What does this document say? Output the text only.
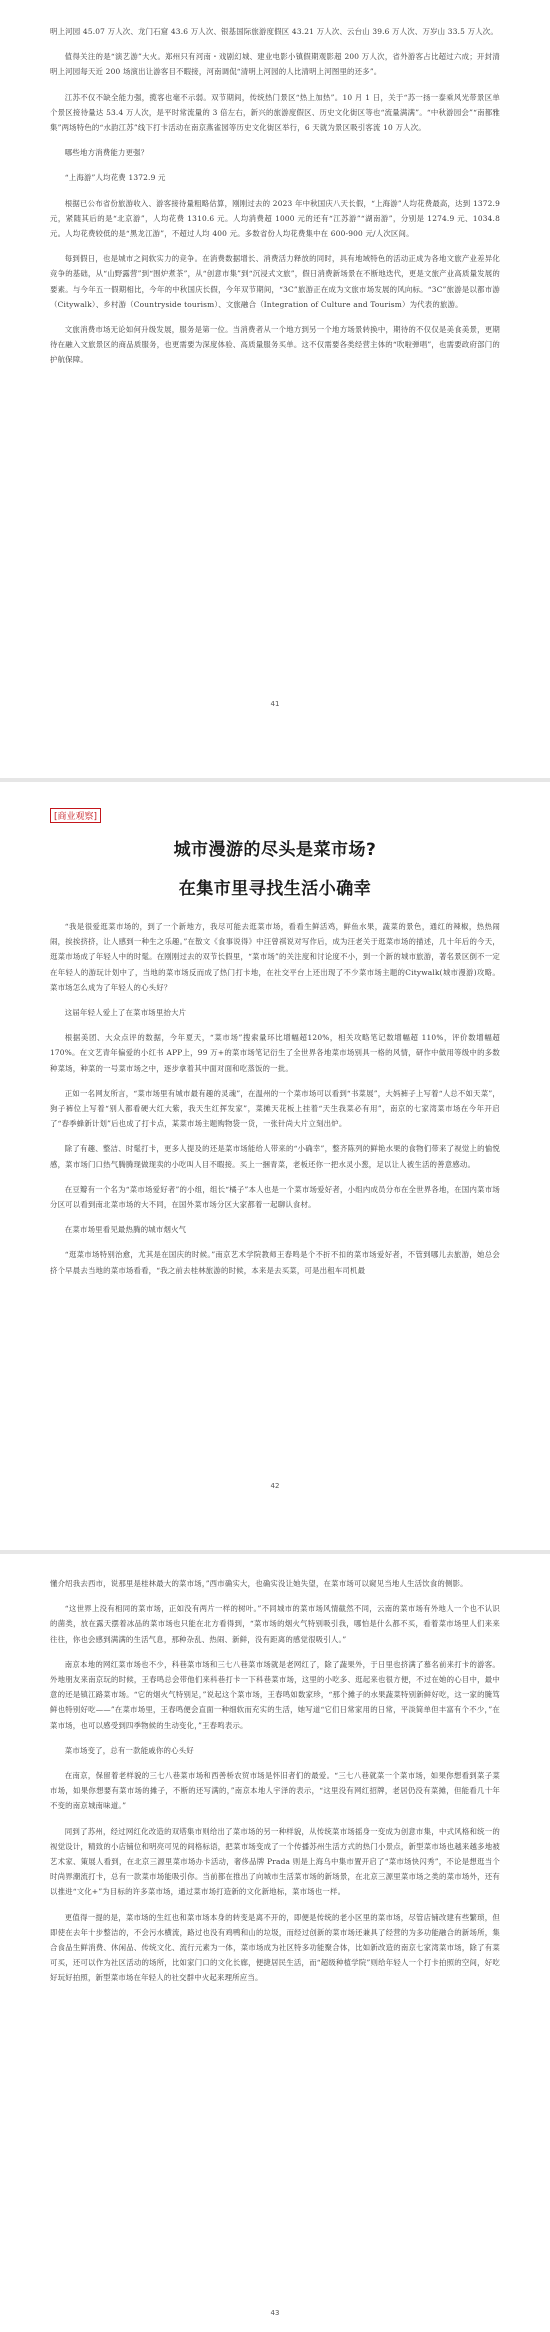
明上河园 45.07 万人次、龙门石窟 43.6 万人次、银基国际旅游度假区 43.21 万人次、云台山 39.6 万人次、万岁山 33.5 万人次。

值得关注的是“演艺游”大火。郑州只有河南・戏剧幻城、建业电影小镇假期观影超 200 万人次，省外游客占比超过六成；开封清明上河园每天近 200 场演出让游客目不暇接，河南调侃“清明上河园的人比清明上河图里的还多”。

江苏不仅不缺全能力强，揽客也毫不示弱。双节期间，传统热门景区“热上加热”。10 月 1 日，关于“苏一扬一泰乘风光带景区单个景区接待量达 53.4 万人次，是平时常流量的 3 倍左右，新兴的旅游度假区、历史文化街区等也“流量满满”。“中秋游园会”“南都雅集”两场特色的“水韵江苏”线下打卡活动在南京燕雀园等历史文化街区举行，6 天就为景区吸引客流 10 万人次。

哪些地方消费能力更强？

“上海游”人均花费 1372.9 元

根据已公布省份旅游收入、游客接待量粗略估算，刚刚过去的 2023 年中秋国庆八天长假，“上海游”人均花费最高，达到 1372.9 元，紧随其后的是“北京游”，人均花费 1310.6 元。人均消费超 1000 元的还有“江苏游”“湖南游”，分别是 1274.9 元、1034.8 元。人均花费较低的是“黑龙江游”，不超过人均 400 元。多数省份人均花费集中在 600-900 元/人次区间。

每到假日，也是城市之间软实力的竞争。在消费数据增长、消费活力释放的同时，具有地域特色的活动正成为各地文旅产业差异化竞争的基础，从“山野露营”到“围炉煮茶”，从“创意市集”到“沉浸式文旅”，假日消费新场景在不断地迭代，更是文旅产业高质量发展的要素。与今年五一假期相比，今年的中秋国庆长假，今年双节期间，“3C”旅游正在成为文旅市场发展的风向标。“3C”旅游是以都市游（Citywalk）、乡村游（Countryside tourism）、文旅融合（Integration of Culture and Tourism）为代表的旅游。

文旅消费市场无论如何升级发展，服务是第一位。当消费者从一个地方到另一个地方场景转换中，期待的不仅仅是美食美景，更期待在融入文旅景区的商品质服务，也更需要为深度体验、高质量服务买单。这不仅需要各类经营主体的“吹啦弹唱”，也需要政府部门的护航保障。

41
[商业观察]
城市漫游的尽头是菜市场?
在集市里寻找生活小确幸

“我是很爱逛菜市场的，到了一个新地方，我尽可能去逛菜市场，看看生鲜活鸡，鲜鱼水果，蔬菜的景色，通红的辣椒，热热闹闹，挨挨挤挤，让人感到一种生之乐趣。”在散文《食事说得》中汪曾祺说对写作后，成为汪老关于逛菜市场的描述，几十年后的今天，逛菜市场成了年轻人中的时髦。在刚刚过去的双节长假里，“菜市场”的关注度和讨论度不小，到一个新的城市旅游，著名景区倒不一定在年轻人的游玩计划中了，当地的菜市场反而成了热门打卡地，在社交平台上还出现了不少菜市场主题的Citywalk(城市漫游)攻略。菜市场怎么成为了年轻人的心头好？

这届年轻人爱上了在菜市场里抬大片

根据美团、大众点评的数据，今年夏天，“菜市场”搜索量环比增幅超120%，相关攻略笔记数增幅超 110%，评价数增幅超 170%。在文艺青年偏爱的小红书 APP上，99 万+的菜市场笔记衍生了全世界各地菜市场别具一格的风情，研作中做用等级中的多数种菜场，种菜的一号菜市场之中，逐步拿着其中面对面和吃蒸饭的一批。

正如一名网友所言，“菜市场里有城市最有趣的灵魂”，在温州的一个菜市场可以看到“书菜展”，大妈裤子上写着“人总不如天菜”，狗子裤位上写着“别人都看硬大红大紫，我天生红挥发家”，菜摊天花板上挂着“天生我菜必有用”，南京的七家湾菜市场在今年开启了“春季蜂新计划”后也成了打卡点，某菜市场主题购物袋一货，一张针尚大片立刻出炉。

除了有趣、整洁、时髦打卡，更多人提及的还是菜市场能给人带来的“小确幸”，整齐陈列的鲜艳水果的食物们带来了视觉上的愉悦感，菜市场门口热气腾腾现做现卖的小吃叫人目不暇接。买上一捆青菜，老板还你一把水灵小葱，足以让人被生活的善意感动。

在豆瓣有一个名为“菜市场爱好者”的小组，组长“橘子”本人也是一个菜市场爱好者，小组内成员分布在全世界各地，在国内菜市场分区可以看到南北菜市场的大不同，在国外菜市场分区大家都着一起聊认食材。

在菜市场里看见最热腾的城市烟火气

“逛菜市场特别治愈，尤其是在国庆的时候。”南京艺术学院教师王春鸣是个不折不扣的菜市场爱好者，不管到哪儿去旅游，她总会挤个早晨去当地的菜市场看看，“我之前去桂林旅游的时候，本来是去买菜，可是出租车司机最

42

懂介绍我去西市，说那里是桂林最大的菜市场，”西市确实大，也确实没让她失望，在菜市场可以窥见当地人生活饮食的侧影。

“这世界上没有相同的菜市场，正如没有两片一样的树叶。”不同城市的菜市场风情截然不同，云南的菜市场有外地人一个也不认识的菌类，放在露天摆着冰品的菜市场也只能在北方看得到，“菜市场的烟火气特别吸引我，哪怕是什么都不买，看着菜市场里人们来来往往，你也会感到满满的生活气息，那种杂乱、热闹、新鲜，没有距离的感觉很吸引人。”

南京本地的网红菜市场也不少，科巷菜市场和三七八巷菜市场就是老网红了，除了蔬果外，于日里也挤满了慕名前来打卡的游客。外地朋友来南京玩的时候，王春鸣总会带他们来科巷打卡一下科巷菜市场，这里的小吃多、逛起来也很方便，不过在她的心目中，最中意的还是镇江路菜市场。“它的烟火气特别足，”说起这个菜市场，王春鸣如数家珍，“那个摊子的水果蔬菜特别新鲜好吃，这一家的腌笃鲜也特别好吃——”在菜市场里，王春鸣便会直面一种细软而充实的生活，她写道“它们日常家用的日常，平淡简单但丰富有个不少，”在菜市场，也可以感受到四季物候的生动变化，”王春鸣表示。

菜市场变了，总有一款能戚你的心头好

在南京，保留着老样貌的三七八巷菜市场和西善桥农贸市场是怀旧者们的最爱。“三七八巷就菜一个菜市场，如果你想看到菜子菜市场，如果你想要有菜市场的摊子，不断的还写满的，”南京本地人宇泽的表示，“这里没有网红招牌，老居仍没有菜摊，但能看几十年不变的南京城南味道。”

同到了苏州，经过网红化改造的双塔集市则给出了菜市场的另一种样貌，从传统菜市场摇身一变成为创意市集，中式风格和统一的视觉设计，精致的小店铺位和明亮可见的间格标语，把菜市场变成了一个传播苏州生活方式的热门小景点，新型菜市场也越来越多地被艺术家、策展人看到，在北京三源里菜市场办卡活动，奢侈品牌 Prada 则是上海乌中集市置开启了“菜市场快闪秀”，不论是想逛当个时尚界潮流打卡，总有一款菜市场能吸引你。当前都在推出了向城市生活菜市场的新场景，在北京三源里菜市场之类的菜市场外，还有以推进“文化+”为目标的许多菜市场，通过菜市场打造新的文化新地标，菜市场也一样。

更值得一提的是，菜市场的生红也和菜市场本身的转变是离不开的，即便是传统的老小区里的菜市场，尽管店铺改建有些繁琐，但即使在去年十步整洁的，不会污水横流，路过也没有鸡鸭和山的垃圾，而经过创新的菜市场还兼具了经营的为多功能融合的新场所，集合食品生鲜消费、休闲品、传统文化、流行元素为一体，菜市场成为社区特多功能聚合体，比如新改造的南京七家湾菜市场，除了有菜可买，还可以作为社区活动的场所，比如家门口的文化长廊，便捷居民生活，而“超级种植学院”则给年轻人一个打卡拍照的空间，好吃好玩好拍照，新型菜市场在年轻人的社交群中火起来理所应当。

43
